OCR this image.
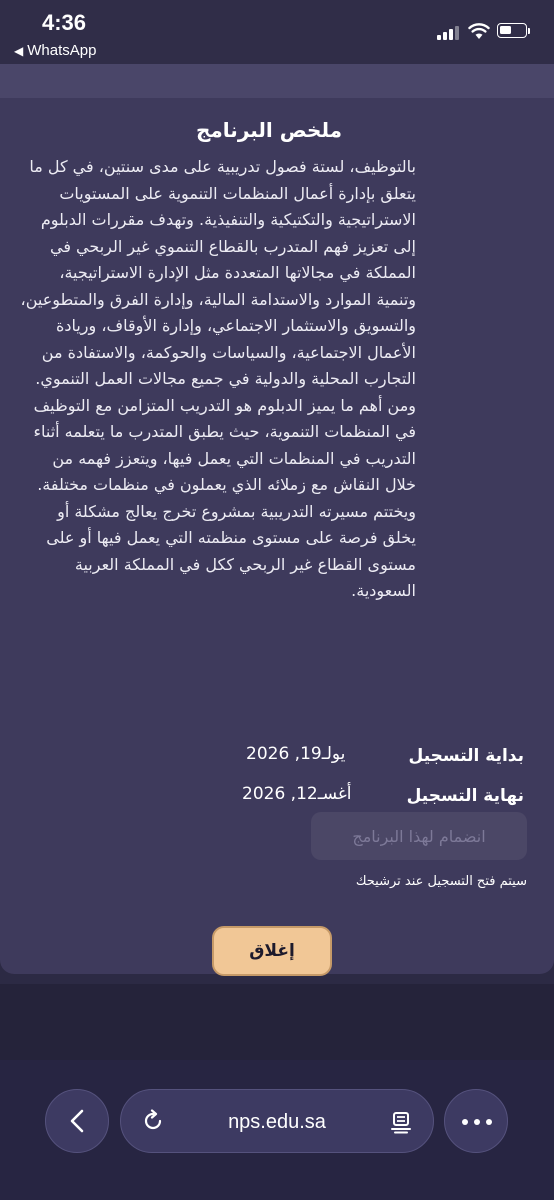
4:36
◀ WhatsApp
ملخص البرنامج
بالتوظيف، لستة فصول تدريبية على مدى سنتين، في كل ما يتعلق بإدارة أعمال المنظمات التنموية على المستويات الاستراتيجية والتكتيكية والتنفيذية. وتهدف مقررات الدبلوم إلى تعزيز فهم المتدرب بالقطاع التنموي غير الربحي في المملكة في مجالاتها المتعددة مثل الإدارة الاستراتيجية، وتنمية الموارد والاستدامة المالية، وإدارة الفرق والمتطوعين، والتسويق والاستثمار الاجتماعي، وإدارة الأوقاف، وريادة الأعمال الاجتماعية، والسياسات والحوكمة، والاستفادة من التجارب المحلية والدولية في جميع مجالات العمل التنموي. ومن أهم ما يميز الدبلوم هو التدريب المتزامن مع التوظيف في المنظمات التنموية، حيث يطبق المتدرب ما يتعلمه أثناء التدريب في المنظمات التي يعمل فيها، ويتعزز فهمه من خلال النقاش مع زملائه الذي يعملون في منظمات مختلفة. ويختتم مسيرته التدريبية بمشروع تخرج يعالج مشكلة أو يخلق فرصة على مستوى منظمته التي يعمل فيها أو على مستوى القطاع غير الربحي ككل في المملكة العربية السعودية.
بداية التسجيل
يولـ19, 2026
نهاية التسجيل
أغسـ12, 2026
انضمام لهذا البرنامج
سيتم فتح التسجيل عند ترشيحك
إغلاق
nps.edu.sa
